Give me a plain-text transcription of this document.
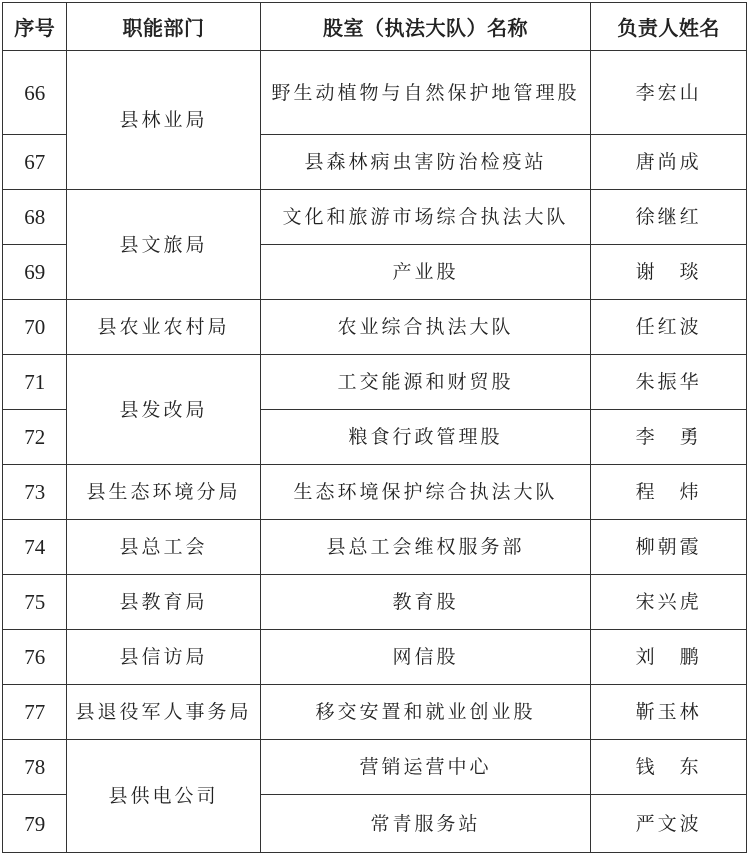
序号	职能部门	股室（执法大队）名称	负责人姓名
66	县林业局	野生动植物与自然保护地管理股	李宏山
67		县森林病虫害防治检疫站	唐尚成
68	县文旅局	文化和旅游市场综合执法大队	徐继红
69		产业股	谢　琰
70	县农业农村局	农业综合执法大队	任红波
71	县发改局	工交能源和财贸股	朱振华
72		粮食行政管理股	李　勇
73	县生态环境分局	生态环境保护综合执法大队	程　炜
74	县总工会	县总工会维权服务部	柳朝霞
75	县教育局	教育股	宋兴虎
76	县信访局	网信股	刘　鹏
77	县退役军人事务局	移交安置和就业创业股	靳玉林
78	县供电公司	营销运营中心	钱　东
79		常青服务站	严文波
